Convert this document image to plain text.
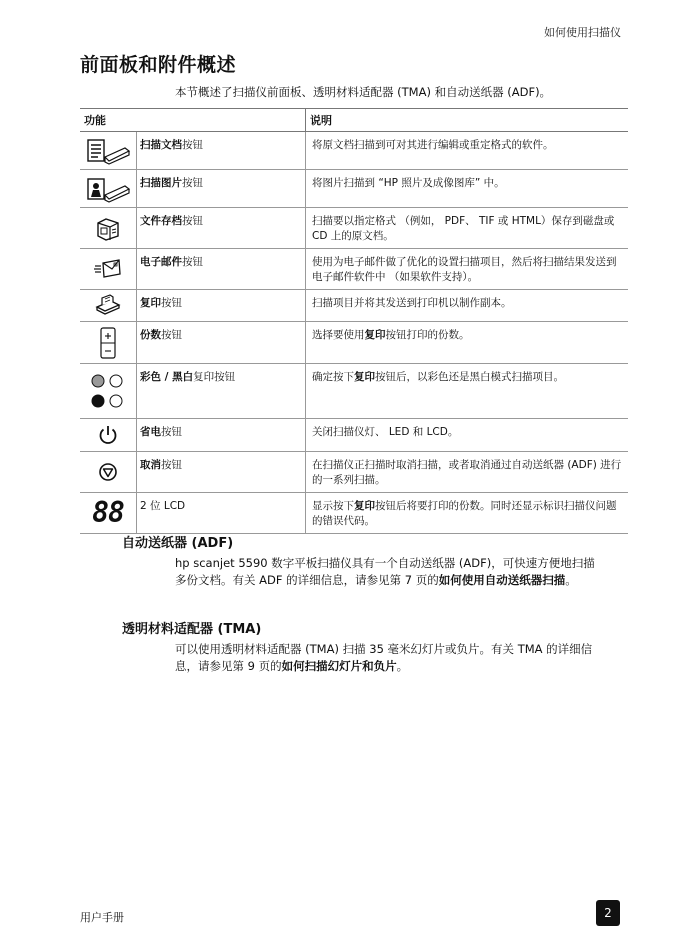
如何使用扫描仪
前面板和附件概述

本节概述了扫描仪前面板、透明材料适配器 (TMA) 和自动送纸器 (ADF)。

功能		说明

	扫描文档按钮	将原文档扫描到可对其进行编辑或重定格式的软件。

	扫描图片按钮	将图片扫描到 “HP 照片及成像图库” 中。

	文件存档按钮	扫描要以指定格式 （例如， PDF、 TIF 或 HTML）保存到磁盘或 CD 上的原文档。

	电子邮件按钮	使用为电子邮件做了优化的设置扫描项目，然后将扫描结果发送到电子邮件软件中 （如果软件支持）。

	复印按钮	扫描项目并将其发送到打印机以制作副本。

	份数按钮	选择要使用复印按钮打印的份数。

	彩色 / 黑白复印按钮	确定按下复印按钮后，以彩色还是黑白模式扫描项目。

	省电按钮	关闭扫描仪灯、 LED 和 LCD。

	取消按钮	在扫描仪正扫描时取消扫描，或者取消通过自动送纸器 (ADF) 进行的一系列扫描。

88	2 位 LCD	显示按下复印按钮后将要打印的份数。同时还显示标识扫描仪问题的错误代码。
自动送纸器 (ADF)

hp scanjet 5590 数字平板扫描仪具有一个自动送纸器 (ADF)，可快速方便地扫描多份文档。有关 ADF 的详细信息，请参见第 7 页的如何使用自动送纸器扫描。

透明材料适配器 (TMA)

可以使用透明材料适配器 (TMA) 扫描 35 毫米幻灯片或负片。有关 TMA 的详细信息，请参见第 9 页的如何扫描幻灯片和负片。

用户手册	2
